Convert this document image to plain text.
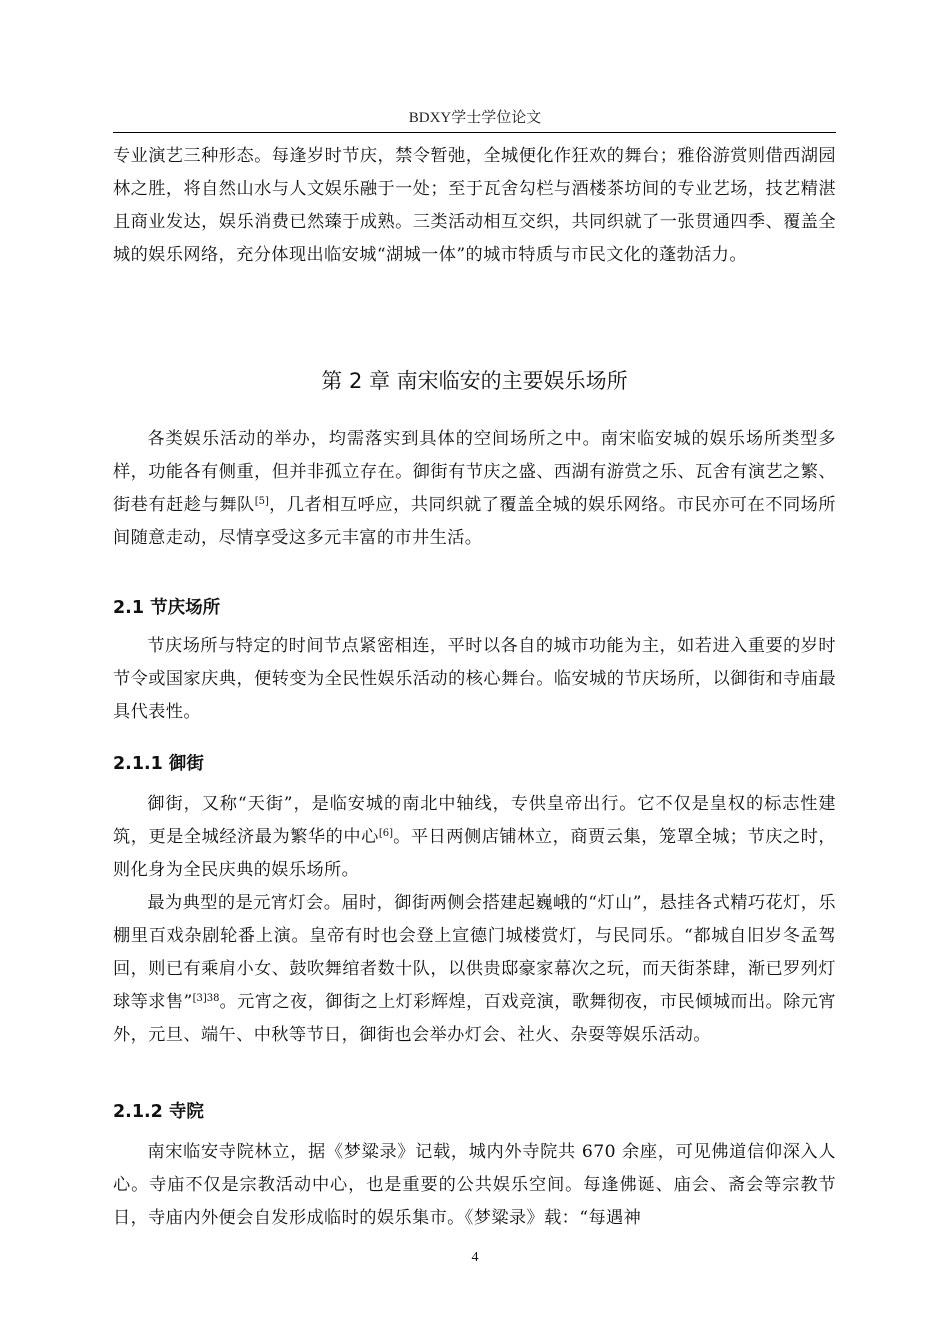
BDXY学士学位论文

专业演艺三种形态。每逢岁时节庆，禁令暂弛，全城便化作狂欢的舞台；雅俗游赏则借西湖园林之胜，将自然山水与人文娱乐融于一处；至于瓦舍勾栏与酒楼茶坊间的专业艺场，技艺精湛且商业发达，娱乐消费已然臻于成熟。三类活动相互交织，共同织就了一张贯通四季、覆盖全城的娱乐网络，充分体现出临安城“湖城一体”的城市特质与市民文化的蓬勃活力。

第 2 章 南宋临安的主要娱乐场所

各类娱乐活动的举办，均需落实到具体的空间场所之中。南宋临安城的娱乐场所类型多样，功能各有侧重，但并非孤立存在。御街有节庆之盛、西湖有游赏之乐、瓦舍有演艺之繁、街巷有赶趁与舞队[5]，几者相互呼应，共同织就了覆盖全城的娱乐网络。市民亦可在不同场所间随意走动，尽情享受这多元丰富的市井生活。

2.1 节庆场所

节庆场所与特定的时间节点紧密相连，平时以各自的城市功能为主，如若进入重要的岁时节令或国家庆典，便转变为全民性娱乐活动的核心舞台。临安城的节庆场所，以御街和寺庙最具代表性。

2.1.1 御街

御街，又称“天街”，是临安城的南北中轴线，专供皇帝出行。它不仅是皇权的标志性建筑，更是全城经济最为繁华的中心[6]。平日两侧店铺林立，商贾云集，笼罩全城；节庆之时，则化身为全民庆典的娱乐场所。

最为典型的是元宵灯会。届时，御街两侧会搭建起巍峨的“灯山”，悬挂各式精巧花灯，乐棚里百戏杂剧轮番上演。皇帝有时也会登上宣德门城楼赏灯，与民同乐。“都城自旧岁冬孟驾回，则已有乘肩小女、鼓吹舞绾者数十队，以供贵邸豪家幕次之玩，而天街茶肆，渐已罗列灯球等求售”$^{[3]38}$。元宵之夜，御街之上灯彩辉煌，百戏竞演，歌舞彻夜，市民倾城而出。除元宵外，元旦、端午、中秋等节日，御街也会举办灯会、社火、杂耍等娱乐活动。

2.1.2 寺院

南宋临安寺院林立，据《梦粱录》记载，城内外寺院共 670 余座，可见佛道信仰深入人心。寺庙不仅是宗教活动中心，也是重要的公共娱乐空间。每逢佛诞、庙会、斋会等宗教节日，寺庙内外便会自发形成临时的娱乐集市。《梦粱录》载：“每遇神

4
